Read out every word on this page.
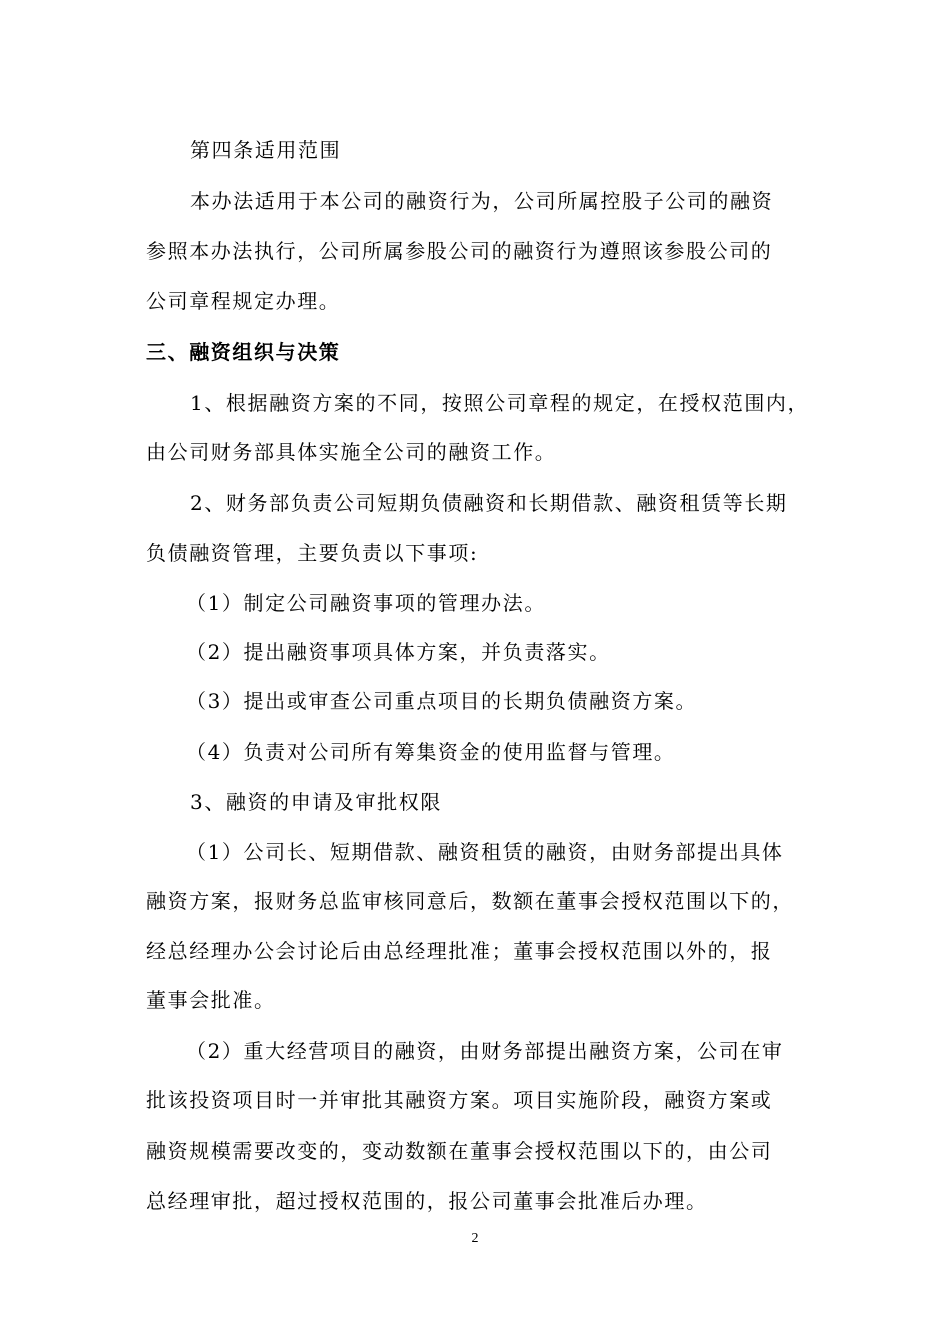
第四条适用范围
本办法适用于本公司的融资行为，公司所属控股子公司的融资
参照本办法执行，公司所属参股公司的融资行为遵照该参股公司的
公司章程规定办理。
三、融资组织与决策
1、根据融资方案的不同，按照公司章程的规定，在授权范围内，
由公司财务部具体实施全公司的融资工作。
2、财务部负责公司短期负债融资和长期借款、融资租赁等长期
负债融资管理，主要负责以下事项:
（1）制定公司融资事项的管理办法。
（2）提出融资事项具体方案，并负责落实。
（3）提出或审查公司重点项目的长期负债融资方案。
（4）负责对公司所有筹集资金的使用监督与管理。
3、融资的申请及审批权限
（1）公司长、短期借款、融资租赁的融资，由财务部提出具体
融资方案，报财务总监审核同意后，数额在董事会授权范围以下的，
经总经理办公会讨论后由总经理批准；董事会授权范围以外的，报
董事会批准。
（2）重大经营项目的融资，由财务部提出融资方案，公司在审
批该投资项目时一并审批其融资方案。项目实施阶段，融资方案或
融资规模需要改变的，变动数额在董事会授权范围以下的，由公司
总经理审批，超过授权范围的，报公司董事会批准后办理。
2
